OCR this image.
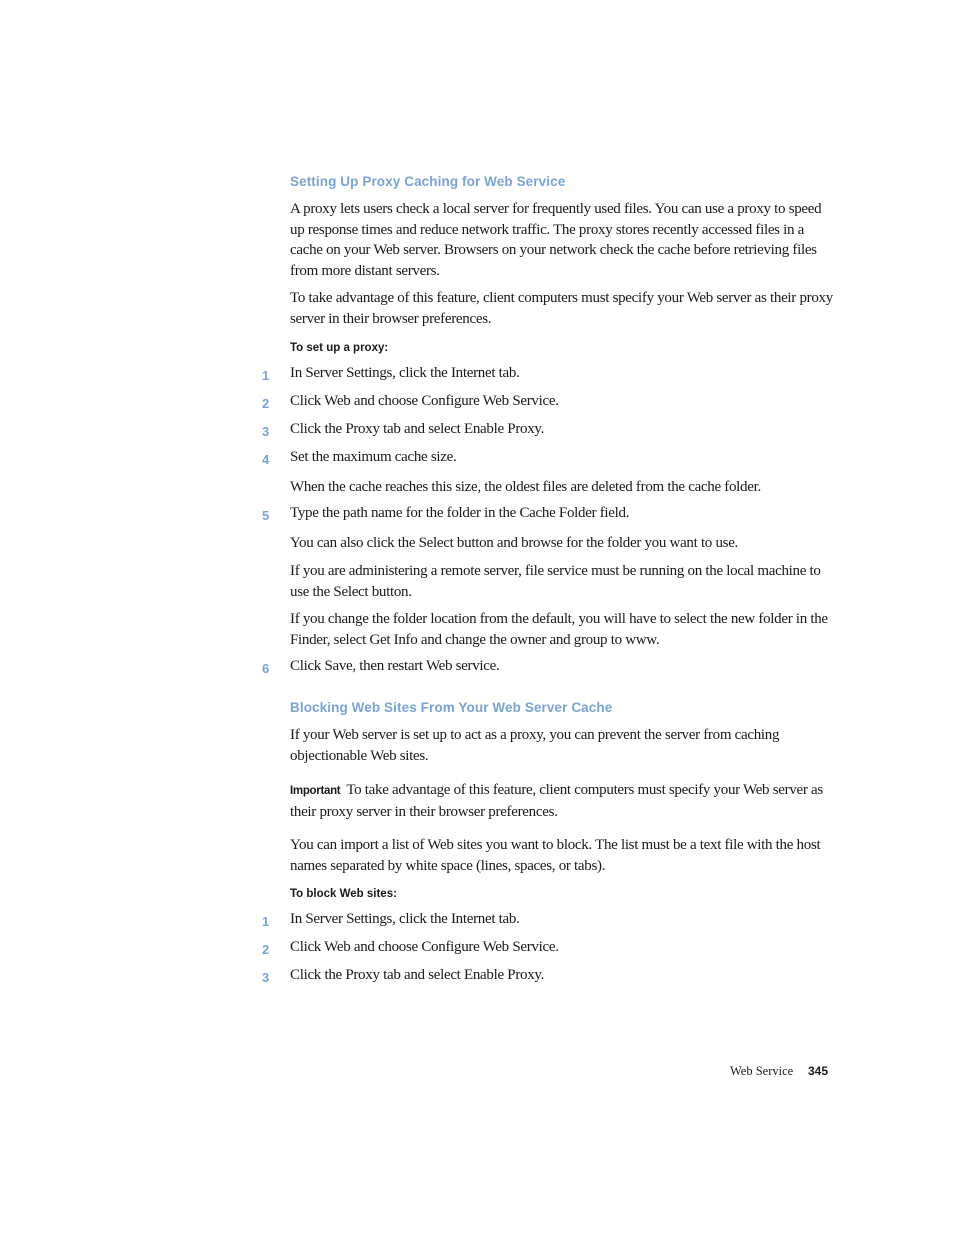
Setting Up Proxy Caching for Web Service
A proxy lets users check a local server for frequently used files. You can use a proxy to speed up response times and reduce network traffic. The proxy stores recently accessed files in a cache on your Web server. Browsers on your network check the cache before retrieving files from more distant servers.
To take advantage of this feature, client computers must specify your Web server as their proxy server in their browser preferences.
To set up a proxy:
1	In Server Settings, click the Internet tab.
2	Click Web and choose Configure Web Service.
3	Click the Proxy tab and select Enable Proxy.
4	Set the maximum cache size.
When the cache reaches this size, the oldest files are deleted from the cache folder.
5	Type the path name for the folder in the Cache Folder field.
You can also click the Select button and browse for the folder you want to use.
If you are administering a remote server, file service must be running on the local machine to use the Select button.
If you change the folder location from the default, you will have to select the new folder in the Finder, select Get Info and change the owner and group to www.
6	Click Save, then restart Web service.
Blocking Web Sites From Your Web Server Cache
If your Web server is set up to act as a proxy, you can prevent the server from caching objectionable Web sites.
Important To take advantage of this feature, client computers must specify your Web server as their proxy server in their browser preferences.
You can import a list of Web sites you want to block. The list must be a text file with the host names separated by white space (lines, spaces, or tabs).
To block Web sites:
1	In Server Settings, click the Internet tab.
2	Click Web and choose Configure Web Service.
3	Click the Proxy tab and select Enable Proxy.
Web Service 345
